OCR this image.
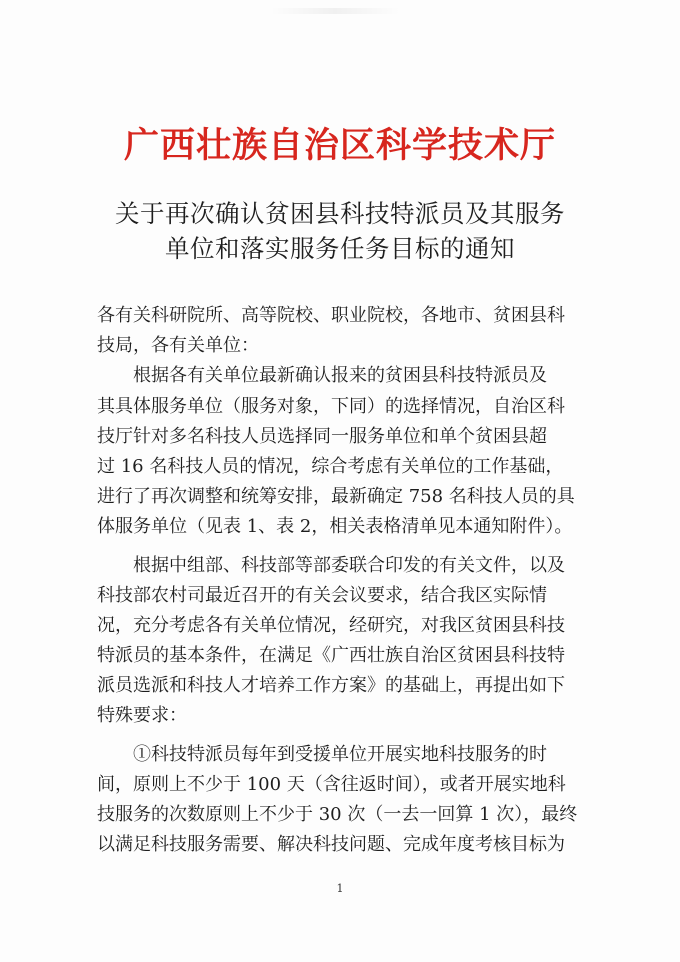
广西壮族自治区科学技术厅
关于再次确认贫困县科技特派员及其服务
单位和落实服务任务目标的通知
各有关科研院所、高等院校、职业院校，各地市、贫困县科
技局，各有关单位：
　　根据各有关单位最新确认报来的贫困县科技特派员及
其具体服务单位（服务对象，下同）的选择情况，自治区科
技厅针对多名科技人员选择同一服务单位和单个贫困县超
过 16 名科技人员的情况，综合考虑有关单位的工作基础，
进行了再次调整和统筹安排，最新确定 758 名科技人员的具
体服务单位（见表 1、表 2，相关表格清单见本通知附件）。
　　根据中组部、科技部等部委联合印发的有关文件，以及
科技部农村司最近召开的有关会议要求，结合我区实际情
况，充分考虑各有关单位情况，经研究，对我区贫困县科技
特派员的基本条件，在满足《广西壮族自治区贫困县科技特
派员选派和科技人才培养工作方案》的基础上，再提出如下
特殊要求：
　　①科技特派员每年到受援单位开展实地科技服务的时
间，原则上不少于 100 天（含往返时间），或者开展实地科
技服务的次数原则上不少于 30 次（一去一回算 1 次），最终
以满足科技服务需要、解决科技问题、完成年度考核目标为
1
